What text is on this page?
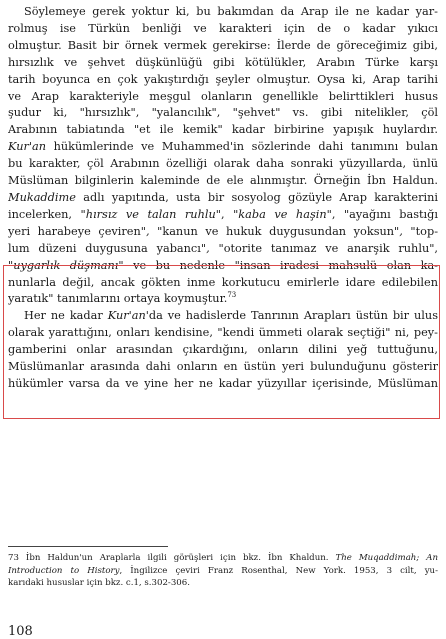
Söylemeye gerek yoktur ki, bu bakımdan da Arap ile ne kadar yar-
rolmuş ise Türkün benliği ve karakteri için de o kadar yıkıcı
olmuştur. Basit bir örnek vermek gerekirse: İlerde de göreceğimiz gibi,
hırsızlık ve şehvet düşkünlüğü gibi kötülükler, Arabın Türke karşı
tarih boyunca en çok yakıştırdığı şeyler olmuştur. Oysa ki, Arap tarihi
ve Arap karakteriyle meşgul olanların genellikle belirttikleri husus
şudur ki, "hırsızlık", "yalancılık", "şehvet" vs. gibi nitelikler, çöl
Arabının tabiatında "et ile kemik" kadar birbirine yapışık huylardır.
Kur'an hükümlerinde ve Muhammed'in sözlerinde dahi tanımını bulan
bu karakter, çöl Arabının özelliği olarak daha sonraki yüzyıllarda, ünlü
Müslüman bilginlerin kaleminde de ele alınmıştır. Örneğin İbn Haldun.
Mukaddime adlı yapıtında, usta bir sosyolog gözüyle Arap karakterini
incelerken, "hırsız ve talan ruhlu", "kaba ve haşin", "ayağını bastığı
yeri harabeye çeviren", "kanun ve hukuk duygusundan yoksun", "top-
lum düzeni duygusuna yabancı", "otorite tanımaz ve anarşik ruhlu",
"uygarlık düşmanı" ve bu nedenle "insan iradesi mahsulü olan ka-
nunlarla değil, ancak gökten inme korkutucu emirlerle idare edilebilen
yaratık" tanımlarını ortaya koymuştur.$^{73}$
Her ne kadar Kur'an'da ve hadislerde Tanrının Arapları üstün bir ulus
olarak yarattığını, onları kendisine, "kendi ümmeti olarak seçtiği" ni, pey-
gamberini onlar arasından çıkardığını, onların dilini yeğ tuttuğunu,
Müslümanlar arasında dahi onların en üstün yeri bulunduğunu gösterir
hükümler varsa da ve yine her ne kadar yüzyıllar içerisinde, Müslüman
73 İbn Haldun'un Araplarla ilgili görüşleri için bkz. İbn Khaldun. The Muqaddimah; An
Introduction to History, İngilizce çeviri Franz Rosenthal, New York. 1953, 3 cilt, yu-
karıdaki hususlar için bkz. c.1, s.302-306.
108
